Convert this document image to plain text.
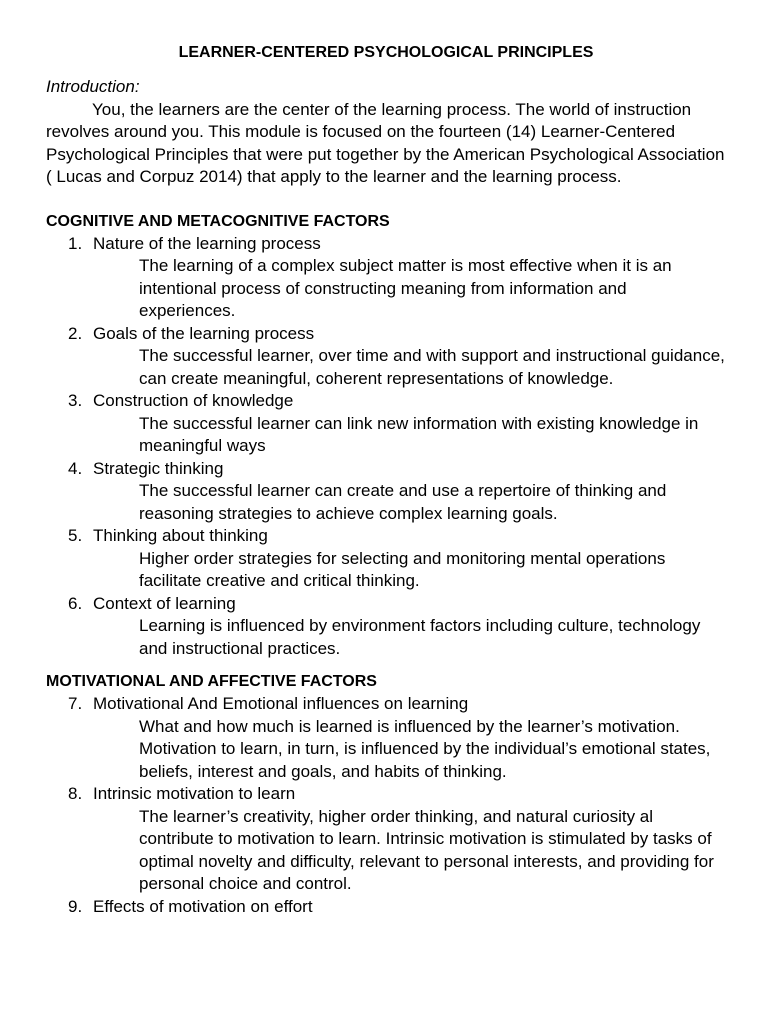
LEARNER-CENTERED PSYCHOLOGICAL PRINCIPLES
Introduction:
You, the learners are the center of the learning process. The world of instruction revolves around you. This module is focused on the fourteen (14) Learner-Centered Psychological Principles that were put together by the American Psychological Association ( Lucas and Corpuz 2014) that apply to the learner and the learning process.
COGNITIVE AND METACOGNITIVE FACTORS
1. Nature of the learning process
The learning of a complex subject matter is most effective when it is an intentional process of constructing meaning from information and experiences.
2. Goals of the learning process
The successful learner, over time and with support and instructional guidance, can create meaningful, coherent representations of knowledge.
3. Construction of knowledge
The successful learner can link new information with existing knowledge in meaningful ways
4. Strategic thinking
The successful learner can create and use a repertoire of thinking and reasoning strategies to achieve complex learning goals.
5. Thinking about thinking
Higher order strategies for selecting and monitoring mental operations facilitate creative and critical thinking.
6. Context of learning
Learning is influenced by environment factors including culture, technology and instructional practices.
MOTIVATIONAL AND AFFECTIVE FACTORS
7. Motivational And Emotional influences on learning
What and how much is learned is influenced by the learner’s motivation. Motivation to learn, in turn, is influenced by the individual’s emotional states, beliefs, interest and goals, and habits of thinking.
8. Intrinsic motivation to learn
The learner’s creativity, higher order thinking, and natural curiosity al contribute to motivation to learn. Intrinsic motivation is stimulated by tasks of optimal novelty and difficulty, relevant to personal interests, and providing for personal choice and control.
9. Effects of motivation on effort
